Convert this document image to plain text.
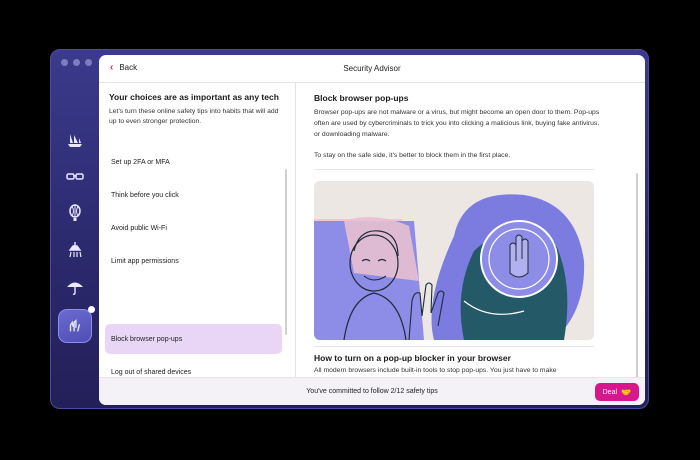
‹ Back	Security Advisor
Your choices are as important as any tech

Let's turn these online safety tips into habits that will add up to even stronger protection.

Set up 2FA or MFA
Think before you click
Avoid public Wi-Fi
Limit app permissions
Block browser pop-ups
Log out of shared devices
Block browser pop-ups

Browser pop-ups are not malware or a virus, but might become an open door to them. Pop-ups often are used by cybercriminals to trick you into clicking a malicious link, buying fake antivirus, or downloading malware.

To stay on the safe side, it's better to block them in the first place.

How to turn on a pop-up blocker in your browser

All modern browsers include built-in tools to stop pop-ups. You just have to make

You've committed to follow 2/12 safety tips	Deal 🤝
